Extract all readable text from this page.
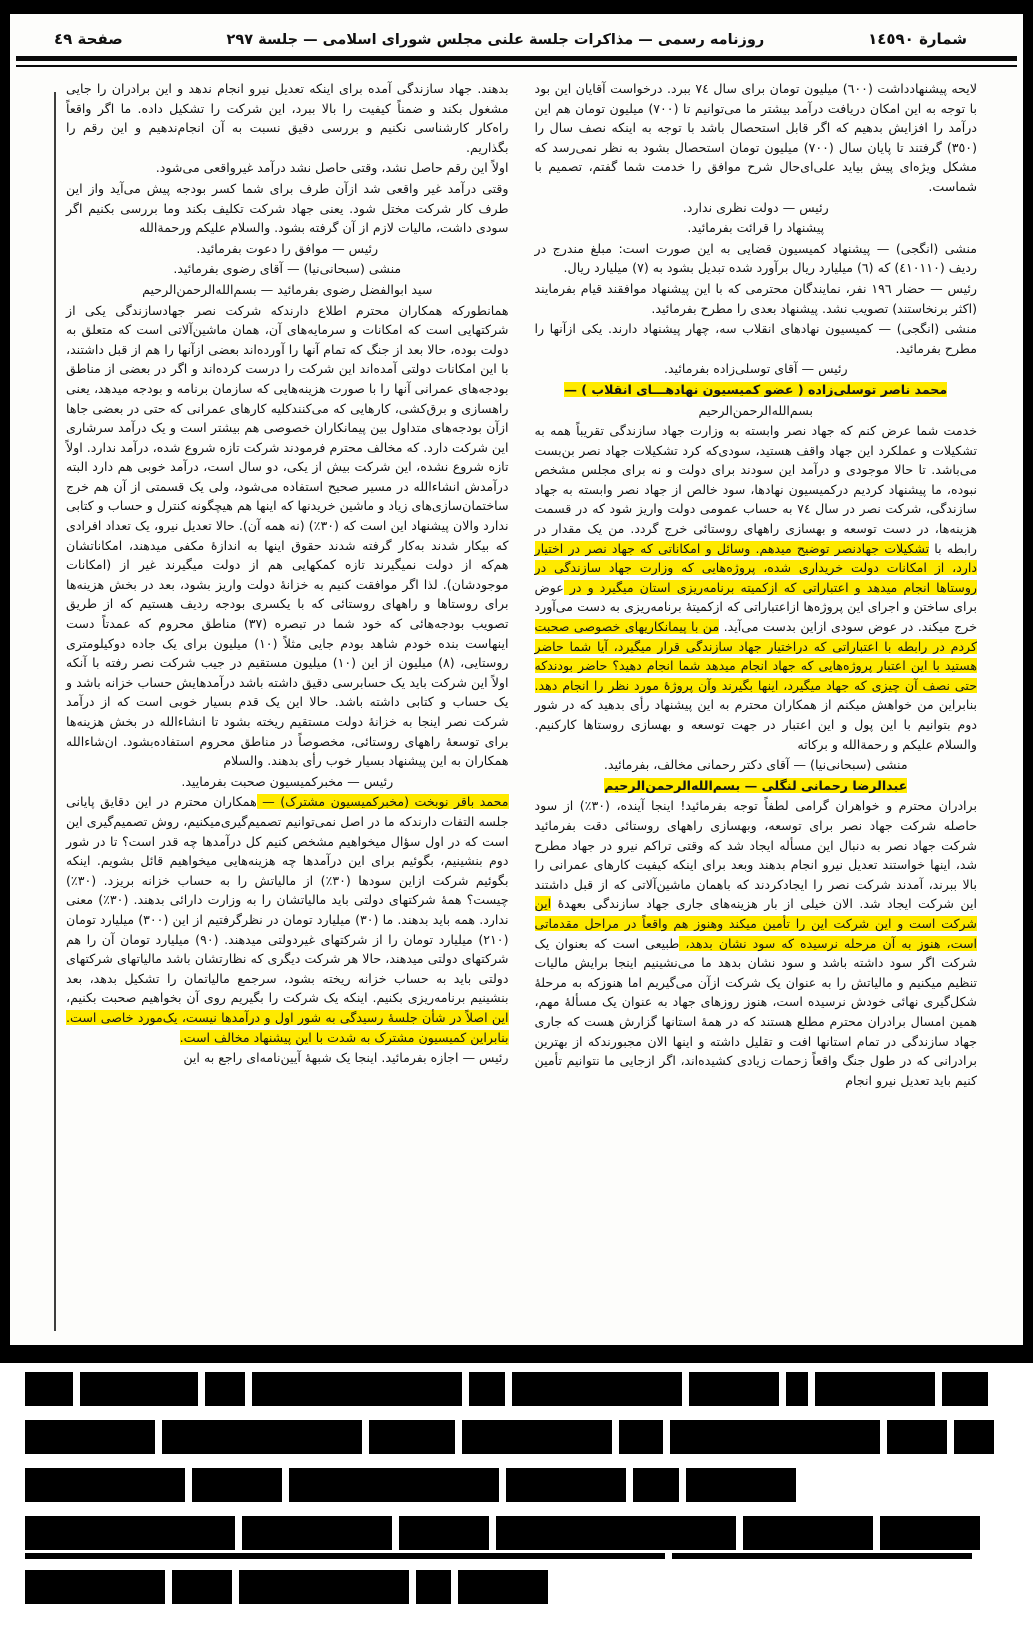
شمارة ١٤٥٩٠
روزنامه رسمی — مذاکرات جلسة علنی مجلس شورای اسلامی — جلسة ٢٩٧
صفحة ٤٩
لایحه پیشنهادداشت (٦٠٠) میلیون تومان برای سال ٧٤ ببرد. درخواست آقایان این بود با توجه به این امکان دریافت درآمد بیشتر ما می‌توانیم تا (٧٠٠) میلیون تومان هم این درآمد را افزایش بدهیم که اگر قابل استحصال باشد با توجه به اینکه نصف سال را (٣٥٠) گرفتند تا پایان سال (٧٠٠) میلیون تومان استحصال بشود به نظر نمی‌رسد که مشکل ویژه‌ای پیش بیاید علی‌ای‌حال شرح موافق را خدمت شما گفتم، تصمیم با شماست.
رئیس — دولت نظری ندارد.
پیشنهاد را قرائت بفرمائید.
منشی (انگجی) — پیشنهاد کمیسیون قضایی به این صورت است: مبلغ مندرج در ردیف (٤١٠١١٠) که (٦) میلیارد ریال برآورد شده تبدیل بشود به (٧) میلیارد ریال.
رئیس — حضار ١٩٦ نفر، نمایندگان محترمی که با این پیشنهاد موافقند قیام بفرمایند (اکثر برنخاستند) تصویب نشد. پیشنهاد بعدی را مطرح بفرمائید.
منشی (انگجی) — کمیسیون نهادهای انقلاب سه، چهار پیشنهاد دارند. یکی ازآنها را مطرح بفرمائید.
رئیس — آقای توسلی‌زاده بفرمائید.
محمد ناصر توسلی‌زاده ( عضو کمیسیون نهادهـــای انقلاب ) —
بسم‌الله‌الرحمن‌الرحیم
خدمت شما عرض کنم که جهاد نصر وابسته به وزارت جهاد سازندگی تقریباً همه به تشکیلات و عملکرد این جهاد واقف هستید، سودی‌که کرد تشکیلات جهاد نصر بن‌بست می‌باشد. تا حالا موجودی و درآمد این سودند برای دولت و نه برای مجلس مشخص نبوده، ما پیشنهاد کردیم درکمیسیون نهادها، سود خالص از جهاد نصر وابسته به جهاد سازندگی، شرکت نصر در سال ٧٤ به حساب عمومی دولت واریز شود که در قسمت هزینه‌ها، در دست توسعه و بهسازی راههای روستائی خرج گردد. من یک مقدار در رابطه با تشکیلات جهادنصر توضیح میدهم. وسائل و امکاناتی که جهاد نصر در اختیار دارد، از امکانات دولت خریداری شده، پروژه‌هایی که وزارت جهاد سازندگی در روستاها انجام میدهد و اعتباراتی که ازکمیته برنامه‌ریزی استان میگیرد و در عوض برای ساختن و اجرای این پروژه‌ها ازاعتباراتی که ازکمیتهٔ برنامه‌ریزی به دست می‌آورد خرج میکند. در عوض سودی ازاین بدست می‌آید. من با پیمانکاریهای خصوصی صحبت کردم در رابطه با اعتباراتی که دراختیار جهاد سازندگی قرار میگیرد، آیا شما حاضر هستید با این اعتبار پروژه‌هایی که جهاد انجام میدهد شما انجام دهید؟ حاضر بودندکه حتی نصف آن چیزی که جهاد میگیرد، اینها بگیرند وآن پروژهٔ مورد نظر را انجام دهد. بنابراین من خواهش میکنم از همکاران محترم به این پیشنهاد رأی بدهید که در شور دوم بتوانیم با این پول و این اعتبار در جهت توسعه و بهسازی روستاها کارکنیم. والسلام علیکم و رحمةالله و برکاته
منشی (سبحانی‌نیا) — آقای دکتر رحمانی مخالف، بفرمائید.
عبدالرضا رحمانی لنگلی — بسم‌الله‌الرحمن‌الرحیم
برادران محترم و خواهران گرامی لطفاً توجه بفرمائید! اینجا آینده، (٣٠٪) از سود حاصله شرکت جهاد نصر برای توسعه، وبهسازی راههای روستائی دقت بفرمائید شرکت جهاد نصر به دنبال این مسأله ایجاد شد که وقتی تراکم نیرو در جهاد مطرح شد، اینها خواستند تعدیل نیرو انجام بدهند وبعد برای اینکه کیفیت کارهای عمرانی را بالا ببرند، آمدند شرکت نصر را ایجادکردند که باهمان ماشین‌آلاتی که از قبل داشتند این شرکت ایجاد شد. الان خیلی از بار هزینه‌های جاری جهاد سازندگی بعهدهٔ این شرکت است و این شرکت این را تأمین میکند وهنوز هم واقعاً در مراحل مقدماتی است، هنوز به آن مرحله نرسیده که سود نشان بدهد، طبیعی است که بعنوان یک شرکت اگر سود داشته باشد و سود نشان بدهد ما می‌نشینیم اینجا برایش مالیات تنظیم میکنیم و مالیاتش را به عنوان یک شرکت ازآن می‌گیریم اما هنوزکه به مرحلهٔ شکل‌گیری نهائی خودش نرسیده است، هنوز روزهای جهاد به عنوان یک مسألهٔ مهم، همین امسال برادران محترم مطلع هستند که در همهٔ استانها گزارش هست که جاری جهاد سازندگی در تمام استانها افت و تقلیل داشته و اینها الان مجبورندکه از بهترین برادرانی که در طول جنگ واقعاً زحمات زیادی کشیده‌اند، اگر ازجایی ما نتوانیم تأمین کنیم باید تعدیل نیرو انجام
بدهند. جهاد سازندگی آمده برای اینکه تعدیل نیرو انجام ندهد و این برادران را جایی مشغول بکند و ضمناً کیفیت را بالا ببرد، این شرکت را تشکیل داده. ما اگر واقعاً راه‌کار کارشناسی نکنیم و بررسی دقیق نسبت به آن انجام‌ندهیم و این رقم را بگذاریم.
اولاً این رقم حاصل نشد، وقتی حاصل نشد درآمد غیرواقعی می‌شود.
وقتی درآمد غیر واقعی شد ازآن طرف برای شما کسر بودجه پیش می‌آید واز این طرف کار شرکت مختل شود. یعنی جهاد شرکت تکلیف بکند وما بررسی بکنیم اگر سودی داشت، مالیات لازم از آن گرفته بشود. والسلام علیکم ورحمةالله
رئیس — موافق را دعوت بفرمائید.
منشی (سبحانی‌نیا) — آقای رضوی بفرمائید.
سید ابوالفضل رضوی بفرمائید — بسم‌الله‌الرحمن‌الرحیم
همانطورکه همکاران محترم اطلاع دارندکه شرکت نصر جهادسازندگی یکی از شرکتهایی است که امکانات و سرمایه‌های آن، همان ماشین‌آلاتی است که متعلق به دولت بوده، حالا بعد از جنگ که تمام آنها را آورده‌اند بعضی ازآنها را هم از قبل داشتند، با این امکانات دولتی آمده‌اند این شرکت را درست کرده‌اند و اگر در بعضی از مناطق بودجه‌های عمرانی آنها را با صورت هزینه‌هایی که سازمان برنامه و بودجه میدهد، یعنی راهسازی و برق‌کشی، کارهایی که می‌کنندکلیه کارهای عمرانی که حتی در بعضی جاها ازآن بودجه‌های متداول بین پیمانکاران خصوصی هم بیشتر است و یک درآمد سرشاری این شرکت دارد. که مخالف محترم فرمودند شرکت تازه شروع شده، درآمد ندارد. اولاً تازه شروع نشده، این شرکت بیش از یکی، دو سال است، درآمد خوبی هم دارد البته درآمدش انشاءالله در مسیر صحیح استفاده می‌شود، ولی یک قسمتی از آن هم خرج ساختمان‌سازی‌های زیاد و ماشین خریدنها که اینها هم هیچگونه کنترل و حساب و کتابی ندارد والان پیشنهاد این است که (٣٠٪) (نه همه آن). حالا تعدیل نیرو، یک تعداد افرادی که بیکار شدند به‌کار گرفته شدند حقوق اینها به اندازهٔ مکفی میدهند، امکاناتشان هم‌که از دولت نمیگیرند تازه کمکهایی هم از دولت میگیرند غیر از (امکانات موجودشان). لذا اگر موافقت کنیم به خزانهٔ دولت واریز بشود، بعد در بخش هزینه‌ها برای روستاها و راههای روستائی که با یکسری بودجه ردیف هستیم که از طریق تصویب بودجه‌هائی که خود شما در تبصره (٣٧) مناطق محروم که عمدتاً دست اینهاست بنده خودم شاهد بودم جایی مثلاً (١٠) میلیون برای یک جاده دوکیلومتری روستایی، (٨) میلیون از این (١٠) میلیون مستقیم در جیب شرکت نصر رفته با آنکه اولاً این شرکت باید یک حسابرسی دقیق داشته باشد درآمدهایش حساب خزانه باشد و یک حساب و کتابی داشته باشد. حالا این یک قدم بسیار خوبی است که از درآمد شرکت نصر اینجا به خزانهٔ دولت مستقیم ریخته بشود تا انشاءالله در بخش هزینه‌ها برای توسعهٔ راههای روستائی، مخصوصاً در مناطق محروم استفاده‌بشود. ان‌شاءالله همکاران به این پیشنهاد بسیار خوب رأی بدهند. والسلام
رئیس — مخبرکمیسیون صحبت بفرمایید.
محمد باقر نوبخت (مخبرکمیسیون مشترک) — همکاران محترم در این دقایق پایانی جلسه التفات دارندکه ما در اصل نمی‌توانیم تصمیم‌گیری‌میکنیم، روش تصمیم‌گیری این است که در اول سؤال میخواهیم مشخص کنیم کل درآمدها چه قدر است؟ تا در شور دوم بنشینیم، بگوئیم برای این درآمدها چه هزینه‌هایی میخواهیم قائل بشویم. اینکه بگوئیم شرکت ازاین سودها (٣٠٪) از مالیاتش را به حساب خزانه بریزد. (٣٠٪) چیست؟ همهٔ شرکتهای دولتی باید مالیاتشان را به وزارت دارائی بدهند. (٣٠٪) معنی ندارد. همه باید بدهند. ما (٣٠) میلیارد تومان در نظرگرفتیم از این (٣٠٠) میلیارد تومان (٢١٠) میلیارد تومان را از شرکتهای غیردولتی میدهند. (٩٠) میلیارد تومان آن را هم شرکتهای دولتی میدهند، حالا هر شرکت دیگری که نظارتشان باشد مالیاتهای شرکتهای دولتی باید به حساب خزانه ریخته بشود، سرجمع مالیاتمان را تشکیل بدهد، بعد بنشینیم برنامه‌ریزی بکنیم. اینکه یک شرکت را بگیریم روی آن بخواهیم صحبت بکنیم، این اصلاً در شأن جلسهٔ رسیدگی به شور اول و درآمدها نیست، یک‌مورد خاصی است. بنابراین کمیسیون مشترک به شدت با این پیشنهاد مخالف است.
رئیس — اجازه بفرمائید. اینجا یک شبههٔ آیین‌نامه‌ای راجع به این
